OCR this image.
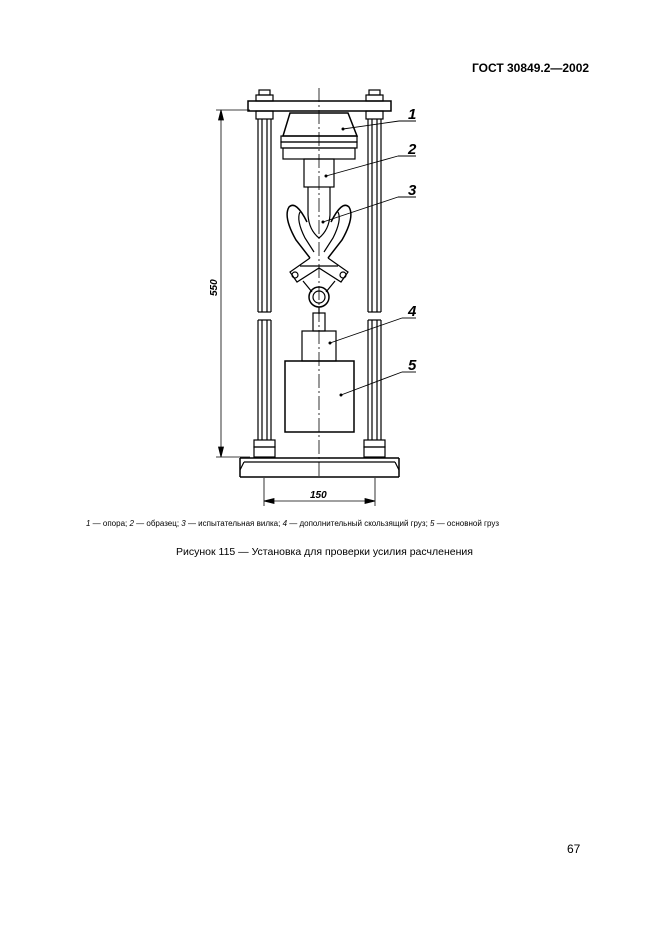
ГОСТ 30849.2—2002
1
2
3
4
5
550
150
1 — опора; 2 — образец; 3 — испытательная вилка; 4 — дополнительный скользящий груз; 5 — основной груз
Рисунок 115 — Установка для проверки усилия расчленения
67
